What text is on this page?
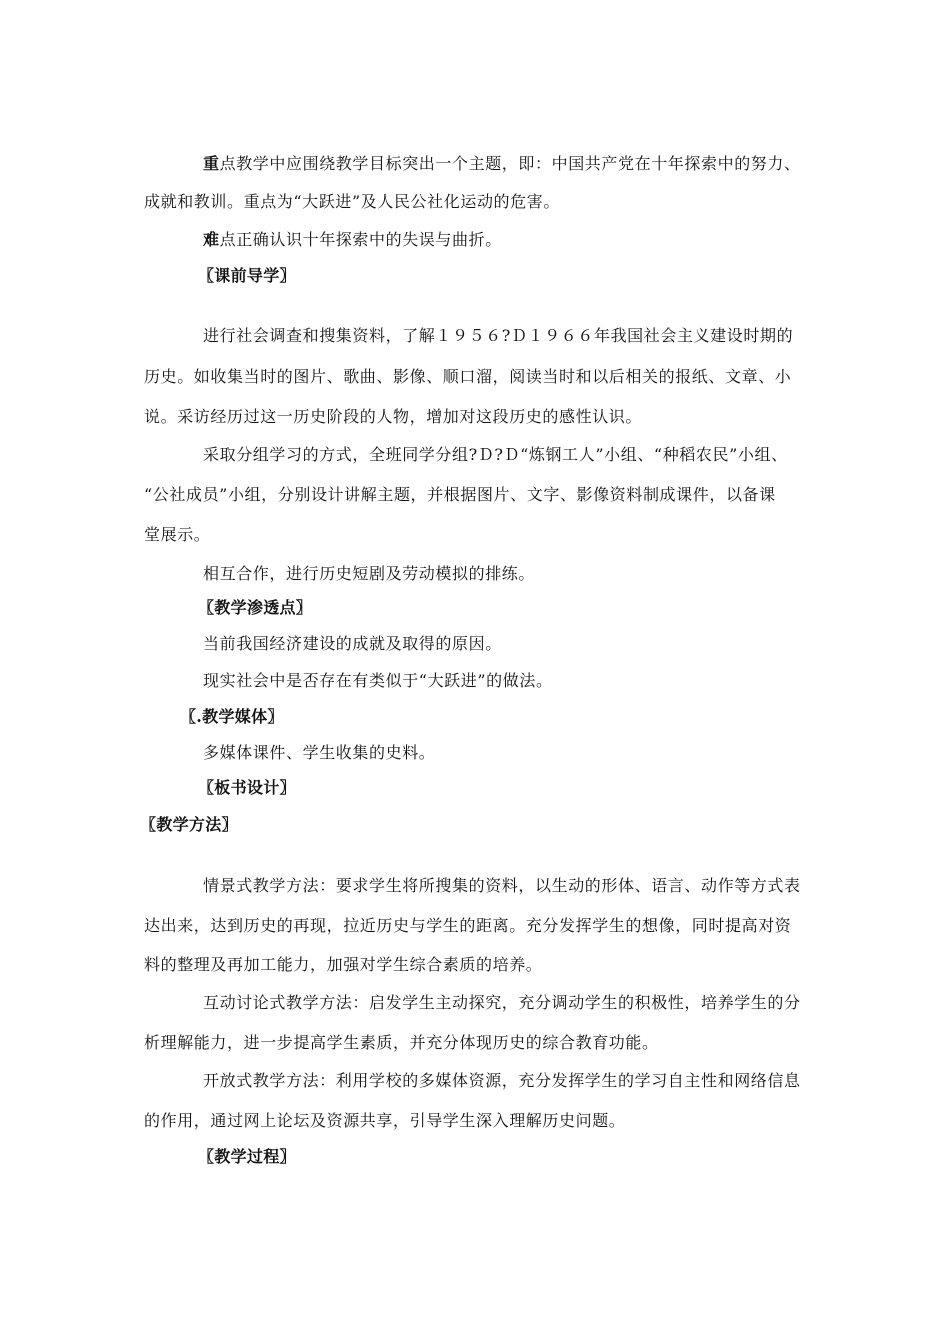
重点教学中应围绕教学目标突出一个主题，即：中国共产党在十年探索中的努力、
成就和教训。重点为“大跃进”及人民公社化运动的危害。
难点正确认识十年探索中的失误与曲折。
〖课前导学〗
进行社会调查和搜集资料，了解１９５６?Ｄ１９６６年我国社会主义建设时期的
历史。如收集当时的图片、歌曲、影像、顺口溜，阅读当时和以后相关的报纸、文章、小
说。采访经历过这一历史阶段的人物，增加对这段历史的感性认识。
采取分组学习的方式，全班同学分组?Ｄ?Ｄ“炼钢工人”小组、“种稻农民”小组、
“公社成员”小组，分别设计讲解主题，并根据图片、文字、影像资料制成课件，以备课
堂展示。
相互合作，进行历史短剧及劳动模拟的排练。
〖教学渗透点〗
当前我国经济建设的成就及取得的原因。
现实社会中是否存在有类似于“大跃进”的做法。
〖.教学媒体〗
多媒体课件、学生收集的史料。
〖板书设计〗
〖教学方法〗
情景式教学方法：要求学生将所搜集的资料，以生动的形体、语言、动作等方式表
达出来，达到历史的再现，拉近历史与学生的距离。充分发挥学生的想像，同时提高对资
料的整理及再加工能力，加强对学生综合素质的培养。
互动讨论式教学方法：启发学生主动探究，充分调动学生的积极性，培养学生的分
析理解能力，进一步提高学生素质，并充分体现历史的综合教育功能。
开放式教学方法：利用学校的多媒体资源，充分发挥学生的学习自主性和网络信息
的作用，通过网上论坛及资源共享，引导学生深入理解历史问题。
〖教学过程〗
